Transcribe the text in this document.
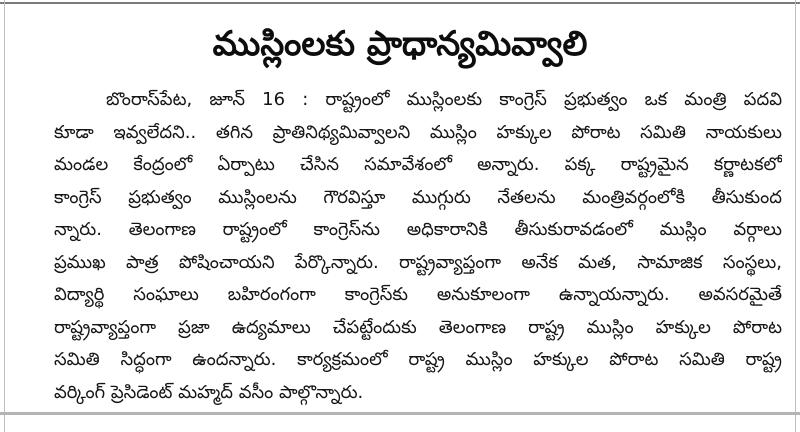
ముస్లింలకు ప్రాధాన్యమివ్వాలి
బొంరాస్‌పేట, జూన్ 16 : రాష్ట్రంలో ముస్లింలకు కాంగ్రెస్ ప్రభుత్వం ఒక మంత్రి పదవి
కూడా ఇవ్వలేదని.. తగిన ప్రాతినిథ్యమివ్వాలని ముస్లిం హక్కుల పోరాట సమితి నాయకులు
మండల కేంద్రంలో ఏర్పాటు చేసిన సమావేశంలో అన్నారు. పక్క రాష్ట్రమైన కర్ణాటకలో
కాంగ్రెస్ ప్రభుత్వం ముస్లింలను గౌరవిస్తూ ముగ్గురు నేతలను మంత్రివర్గంలోకి తీసుకుంద
న్నారు. తెలంగాణ రాష్ట్రంలో కాంగ్రెస్‌ను అధికారానికి తీసుకురావడంలో ముస్లిం వర్గాలు
ప్రముఖ పాత్ర పోషించాయని పేర్కొన్నారు. రాష్ట్రవ్యాప్తంగా అనేక మత, సామాజిక సంస్థలు,
విద్యార్థి సంఘాలు బహిరంగంగా కాంగ్రెస్‌కు అనుకూలంగా ఉన్నాయన్నారు. అవసరమైతే
రాష్ట్రవ్యాప్తంగా ప్రజా ఉద్యమాలు చేపట్టేందుకు తెలంగాణ రాష్ట్ర ముస్లిం హక్కుల పోరాట
సమితి సిద్ధంగా ఉందన్నారు. కార్యక్రమంలో రాష్ట్ర ముస్లిం హక్కుల పోరాట సమితి రాష్ట్ర
వర్కింగ్ ప్రెసిడెంట్ మహ్మద్ వసీం పాల్గొన్నారు.
